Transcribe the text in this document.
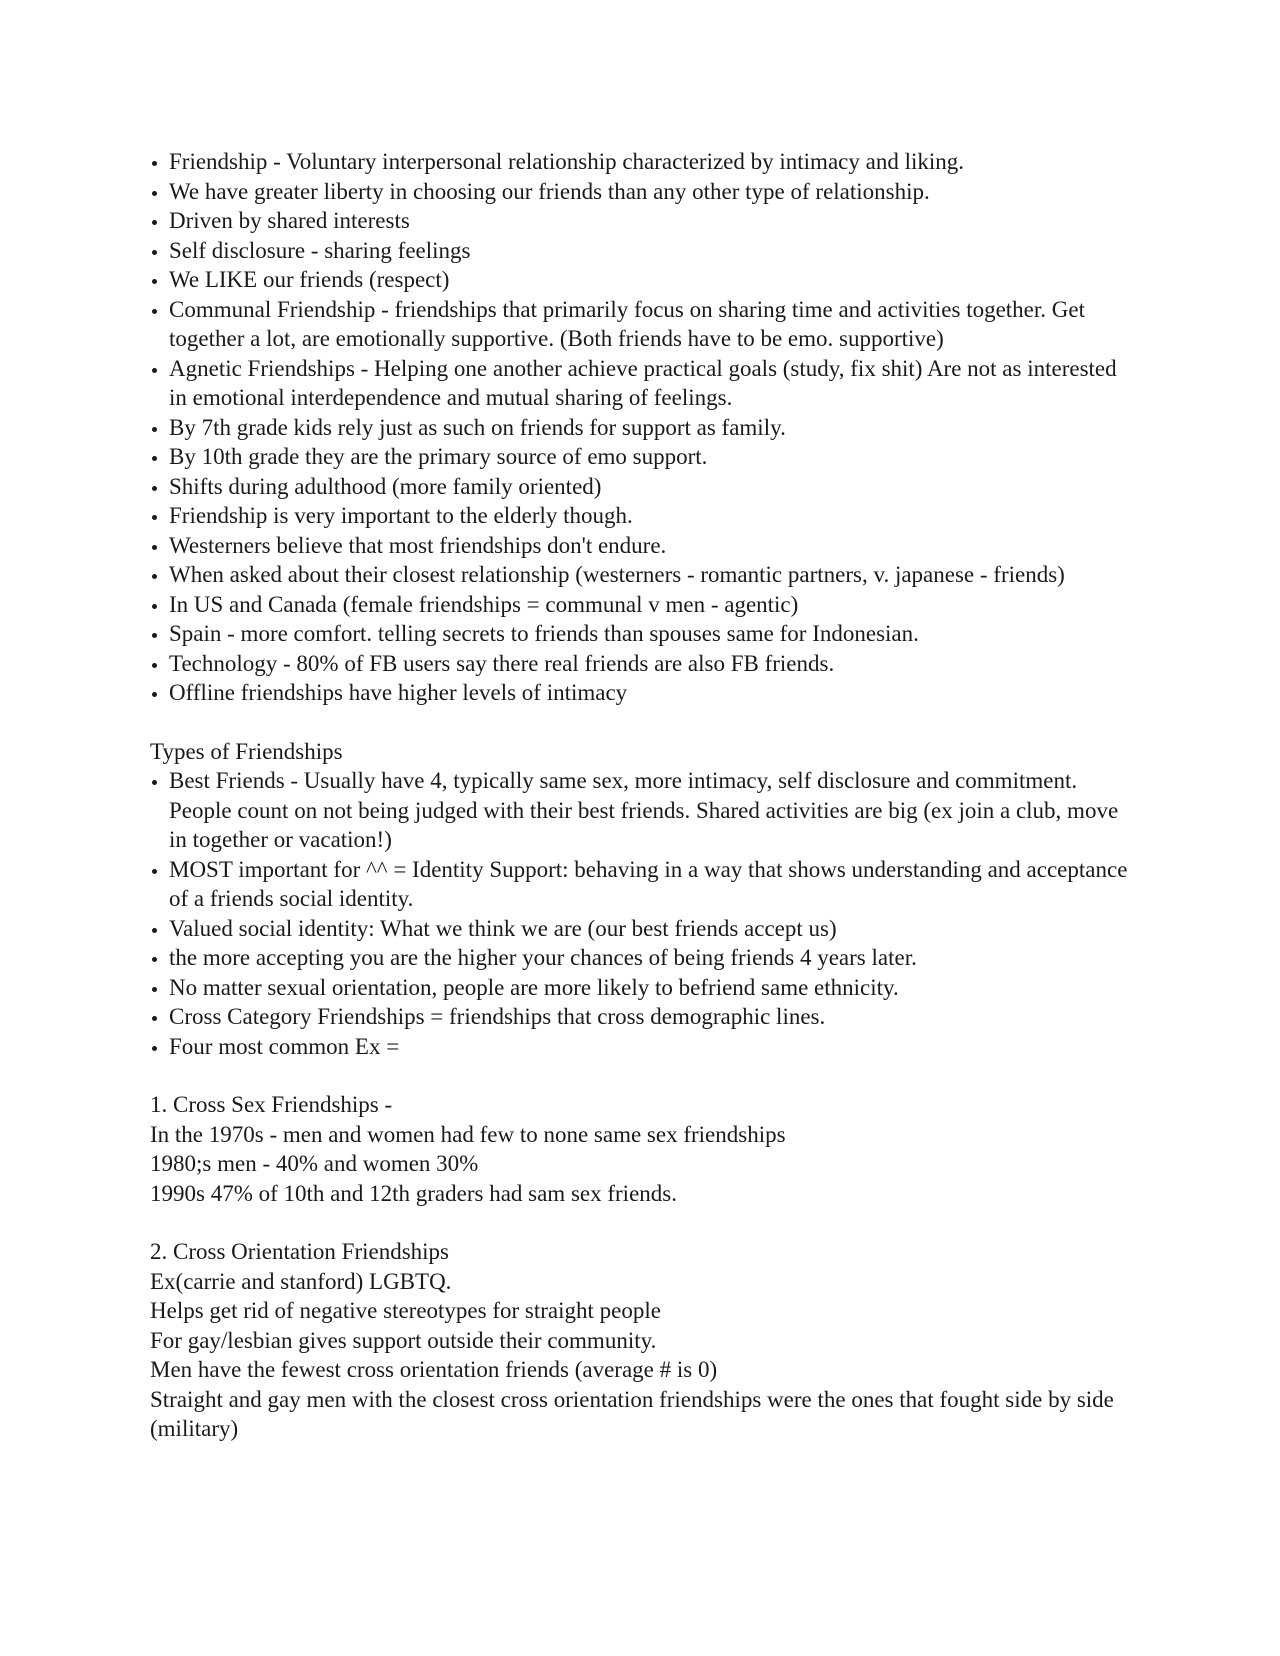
Friendship - Voluntary interpersonal relationship characterized by intimacy and liking.
We have greater liberty in choosing our friends than any other type of relationship.
Driven by shared interests
Self disclosure - sharing feelings
We LIKE our friends (respect)
Communal Friendship - friendships that primarily focus on sharing time and activities together. Get together a lot, are emotionally supportive. (Both friends have to be emo. supportive)
Agnetic Friendships - Helping one another achieve practical goals (study, fix shit) Are not as interested in emotional interdependence and mutual sharing of feelings.
By 7th grade kids rely just as such on friends for support as family.
By 10th grade they are the primary source of emo support.
Shifts during adulthood (more family oriented)
Friendship is very important to the elderly though.
Westerners believe that most friendships don't endure.
When asked about their closest relationship (westerners - romantic partners, v. japanese - friends)
In US and Canada (female friendships = communal v men - agentic)
Spain - more comfort. telling secrets to friends than spouses same for Indonesian.
Technology - 80% of FB users say there real friends are also FB friends.
Offline friendships have higher levels of intimacy
Types of Friendships
Best Friends - Usually have 4, typically same sex, more intimacy, self disclosure and commitment. People count on not being judged with their best friends. Shared activities are big (ex join a club, move in together or vacation!)
MOST important for ^^ = Identity Support: behaving in a way that shows understanding and acceptance of a friends social identity.
Valued social identity: What we think we are (our best friends accept us)
the more accepting you are the higher your chances of being friends 4 years later.
No matter sexual orientation, people are more likely to befriend same ethnicity.
Cross Category Friendships = friendships that cross demographic lines.
Four most common Ex =
1. Cross Sex Friendships -
In the 1970s - men and women had few to none same sex friendships
1980;s men - 40% and women 30%
1990s 47% of 10th and 12th graders had sam sex friends.
2. Cross Orientation Friendships
Ex(carrie and stanford) LGBTQ.
Helps get rid of negative stereotypes for straight people
For gay/lesbian gives support outside their community.
Men have the fewest cross orientation friends (average # is 0)
Straight and gay men with the closest cross orientation friendships were the ones that fought side by side (military)
